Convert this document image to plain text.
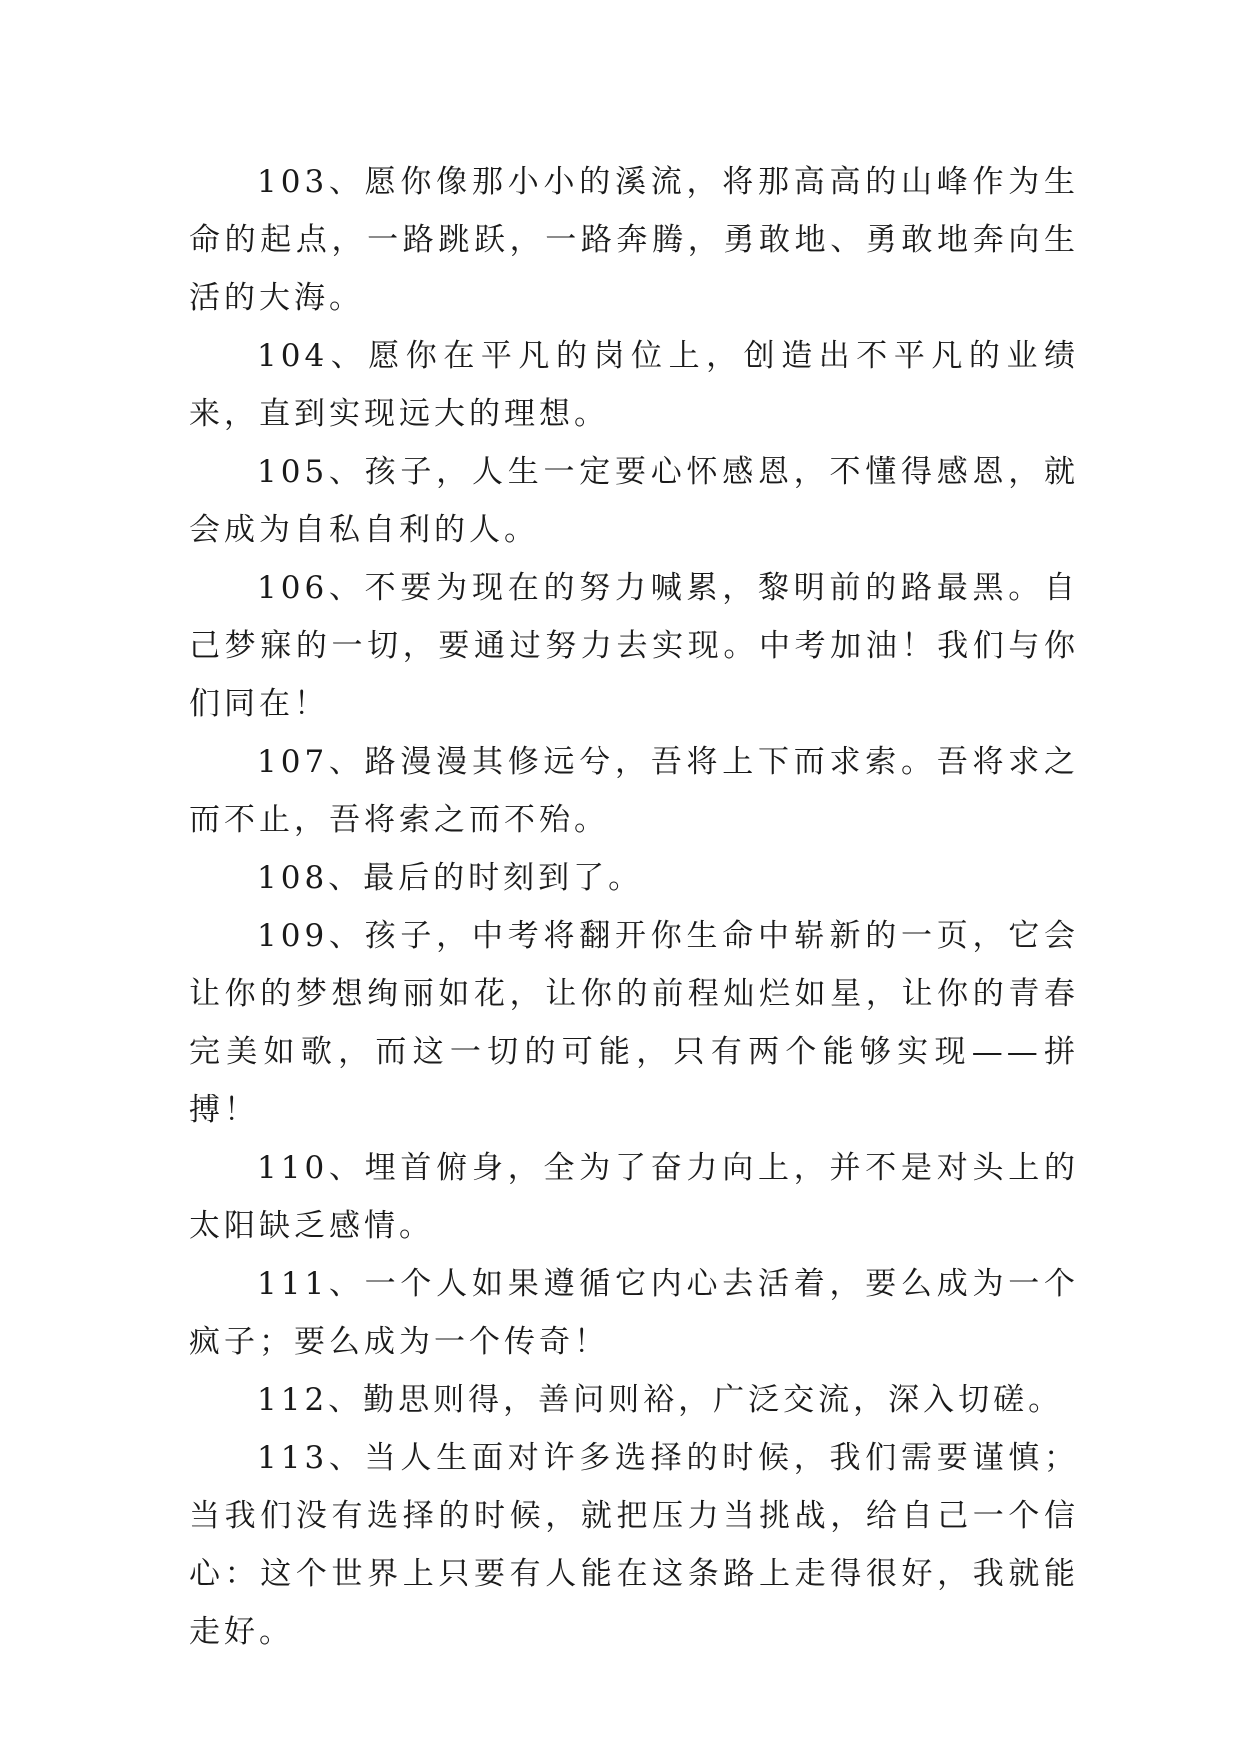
103、愿你像那小小的溪流，将那高高的山峰作为生命的起点，一路跳跃，一路奔腾，勇敢地、勇敢地奔向生活的大海。

104、愿你在平凡的岗位上，创造出不平凡的业绩来，直到实现远大的理想。

105、孩子，人生一定要心怀感恩，不懂得感恩，就会成为自私自利的人。

106、不要为现在的努力喊累，黎明前的路最黑。自己梦寐的一切，要通过努力去实现。中考加油！我们与你们同在！

107、路漫漫其修远兮，吾将上下而求索。吾将求之而不止，吾将索之而不殆。

108、最后的时刻到了。

109、孩子，中考将翻开你生命中崭新的一页，它会让你的梦想绚丽如花，让你的前程灿烂如星，让你的青春完美如歌，而这一切的可能，只有两个能够实现——拼搏！

110、埋首俯身，全为了奋力向上，并不是对头上的太阳缺乏感情。

111、一个人如果遵循它内心去活着，要么成为一个疯子；要么成为一个传奇！

112、勤思则得，善问则裕，广泛交流，深入切磋。

113、当人生面对许多选择的时候，我们需要谨慎；当我们没有选择的时候，就把压力当挑战，给自己一个信心：这个世界上只要有人能在这条路上走得很好，我就能走好。
